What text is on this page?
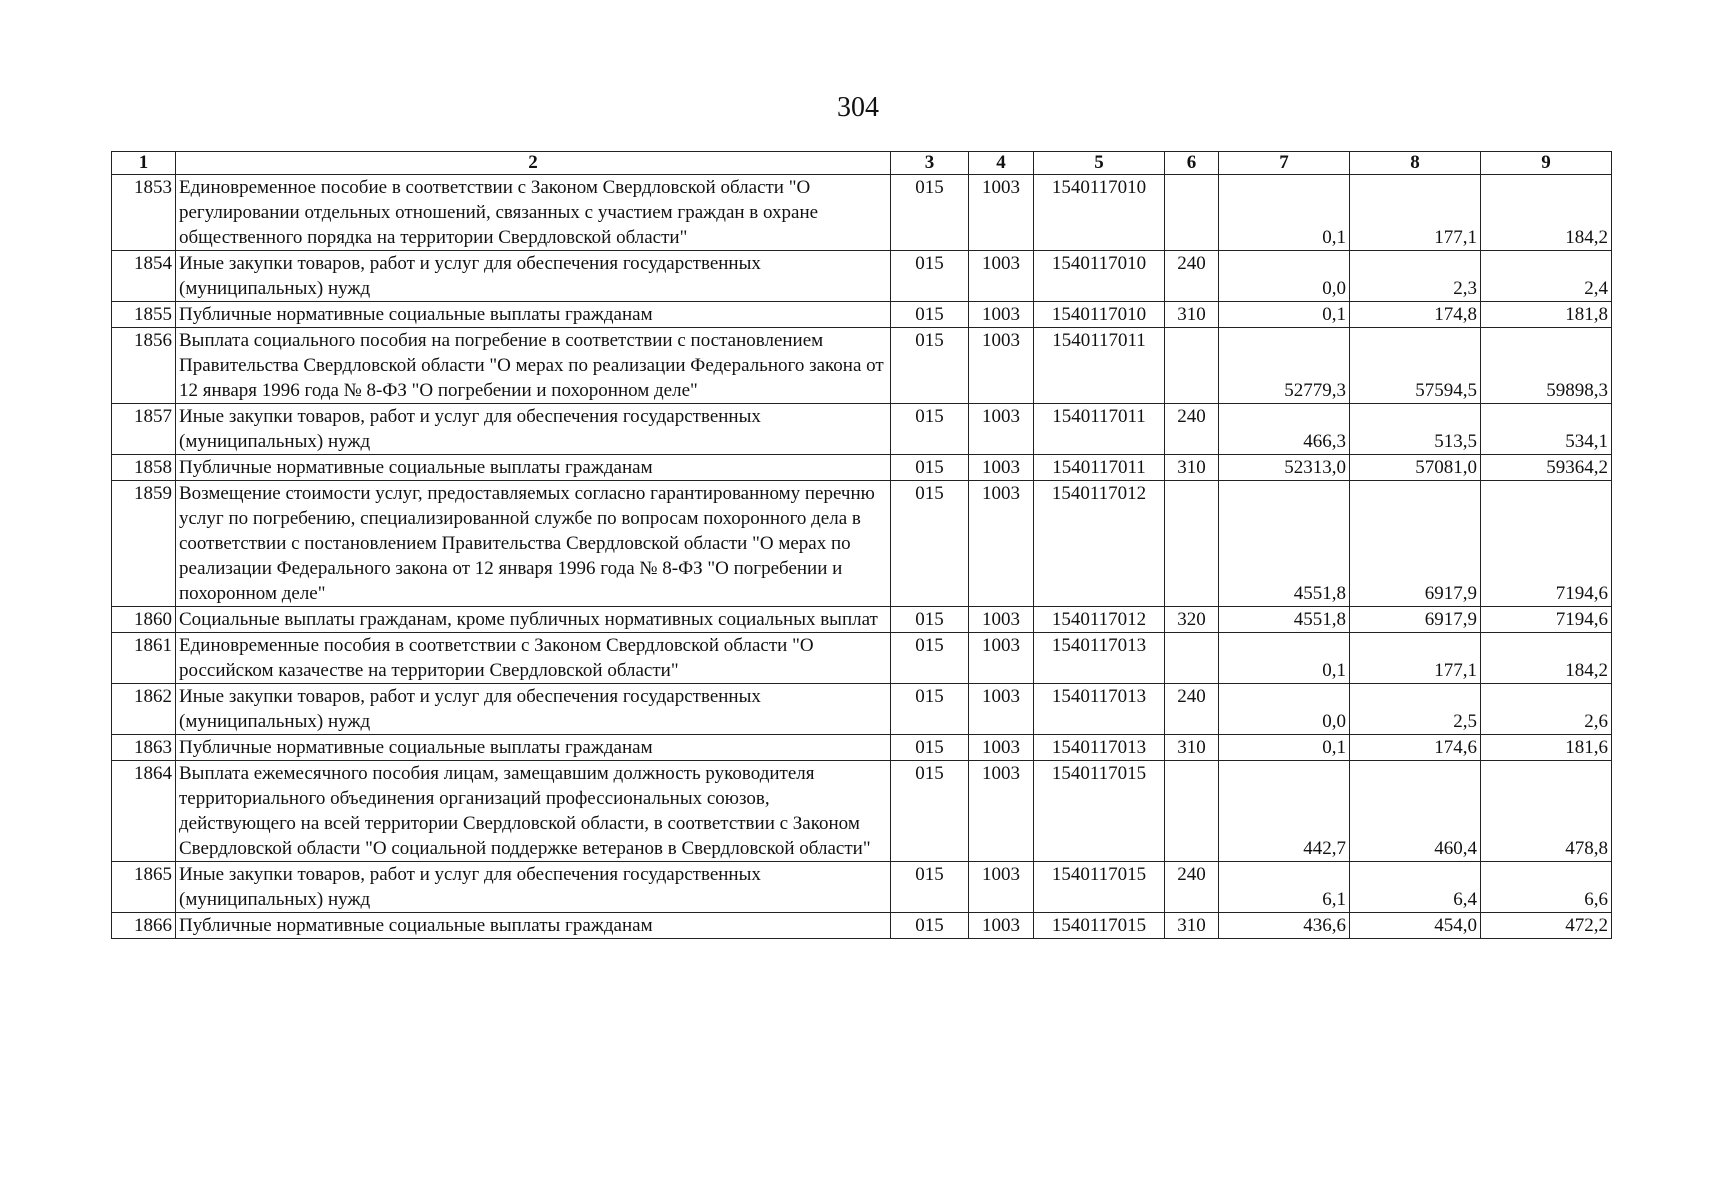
304
1	2	3	4	5	6	7	8	9
1853	Единовременное пособие в соответствии с Законом Свердловской области "О регулировании отдельных отношений, связанных с участием граждан в охране общественного порядка на территории Свердловской области"	015	1003	1540117010		0,1	177,1	184,2
1854	Иные закупки товаров, работ и услуг для обеспечения государственных (муниципальных) нужд	015	1003	1540117010	240	0,0	2,3	2,4
1855	Публичные нормативные социальные выплаты гражданам	015	1003	1540117010	310	0,1	174,8	181,8
1856	Выплата социального пособия на погребение в соответствии с постановлением Правительства Свердловской области "О мерах по реализации Федерального закона от 12 января 1996 года № 8-ФЗ "О погребении и похоронном деле"	015	1003	1540117011		52779,3	57594,5	59898,3
1857	Иные закупки товаров, работ и услуг для обеспечения государственных (муниципальных) нужд	015	1003	1540117011	240	466,3	513,5	534,1
1858	Публичные нормативные социальные выплаты гражданам	015	1003	1540117011	310	52313,0	57081,0	59364,2
1859	Возмещение стоимости услуг, предоставляемых согласно гарантированному перечню услуг по погребению, специализированной службе по вопросам похоронного дела в соответствии с постановлением Правительства Свердловской области "О мерах по реализации Федерального закона от 12 января 1996 года № 8-ФЗ "О погребении и похоронном деле"	015	1003	1540117012		4551,8	6917,9	7194,6
1860	Социальные выплаты гражданам, кроме публичных нормативных социальных выплат	015	1003	1540117012	320	4551,8	6917,9	7194,6
1861	Единовременные пособия в соответствии с Законом Свердловской области "О российском казачестве на территории Свердловской области"	015	1003	1540117013		0,1	177,1	184,2
1862	Иные закупки товаров, работ и услуг для обеспечения государственных (муниципальных) нужд	015	1003	1540117013	240	0,0	2,5	2,6
1863	Публичные нормативные социальные выплаты гражданам	015	1003	1540117013	310	0,1	174,6	181,6
1864	Выплата ежемесячного пособия лицам, замещавшим должность руководителя территориального объединения организаций профессиональных союзов, действующего на всей территории Свердловской области, в соответствии с Законом Свердловской области "О социальной поддержке ветеранов в Свердловской области"	015	1003	1540117015		442,7	460,4	478,8
1865	Иные закупки товаров, работ и услуг для обеспечения государственных (муниципальных) нужд	015	1003	1540117015	240	6,1	6,4	6,6
1866	Публичные нормативные социальные выплаты гражданам	015	1003	1540117015	310	436,6	454,0	472,2
